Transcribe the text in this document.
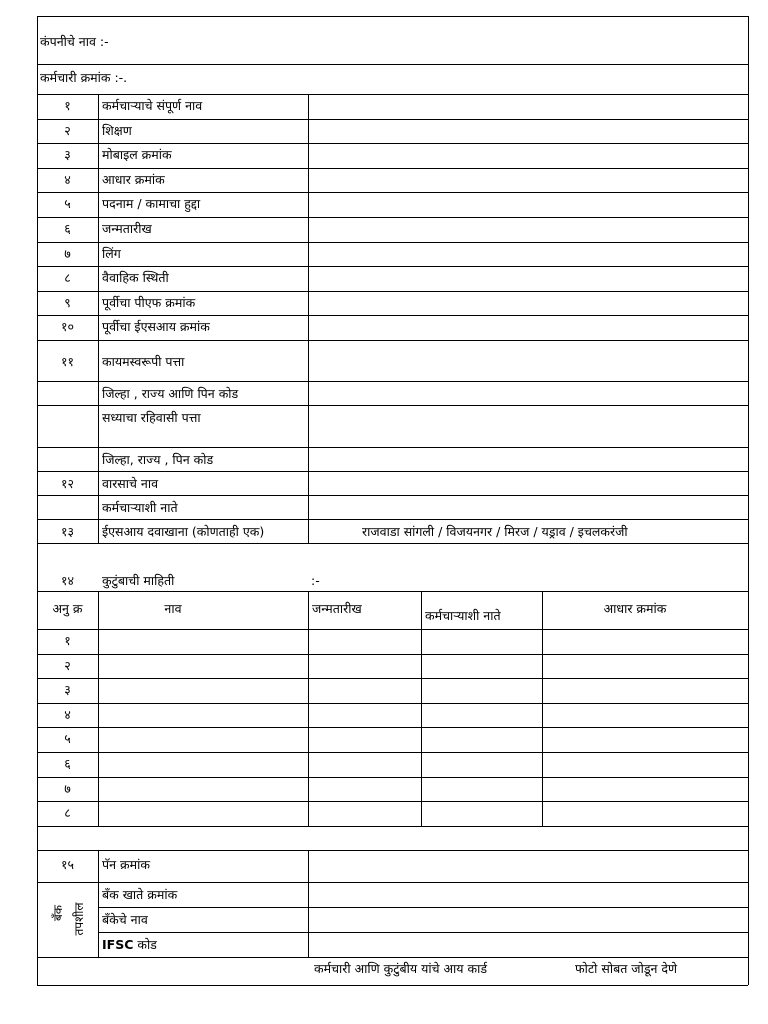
कंपनीचे नाव :-
कर्मचारी क्रमांक :-.
१	कर्मचाऱ्याचे संपूर्ण नाव
२	शिक्षण
३	मोबाइल क्रमांक
४	आधार क्रमांक
५	पदनाम / कामाचा हुद्दा
६	जन्मतारीख
७	लिंग
८	वैवाहिक स्थिती
९	पूर्वीचा पीएफ क्रमांक
१०	पूर्वीचा ईएसआय क्रमांक
११	कायमस्वरूपी पत्ता
जिल्हा , राज्य आणि पिन कोड
सध्याचा रहिवासी पत्ता
जिल्हा, राज्य , पिन कोड
१२	वारसाचे नाव
कर्मचाऱ्याशी नाते
१३	ईएसआय दवाखाना (कोणताही एक)	राजवाडा सांगली / विजयनगर / मिरज / यड्राव / इचलकरंजी
१४	कुटुंबाची माहिती	:-
अनु क्र	नाव	जन्मतारीख	कर्मचाऱ्याशी नाते	आधार क्रमांक
१
२
३
४
५
६
७
८
१५	पॅन क्रमांक
बँक खाते क्रमांक
बँकेचे नाव
IFSC कोड
बँक तपशील
कर्मचारी आणि कुटुंबीय यांचे आय कार्ड	फोटो सोबत जोडून देणे
